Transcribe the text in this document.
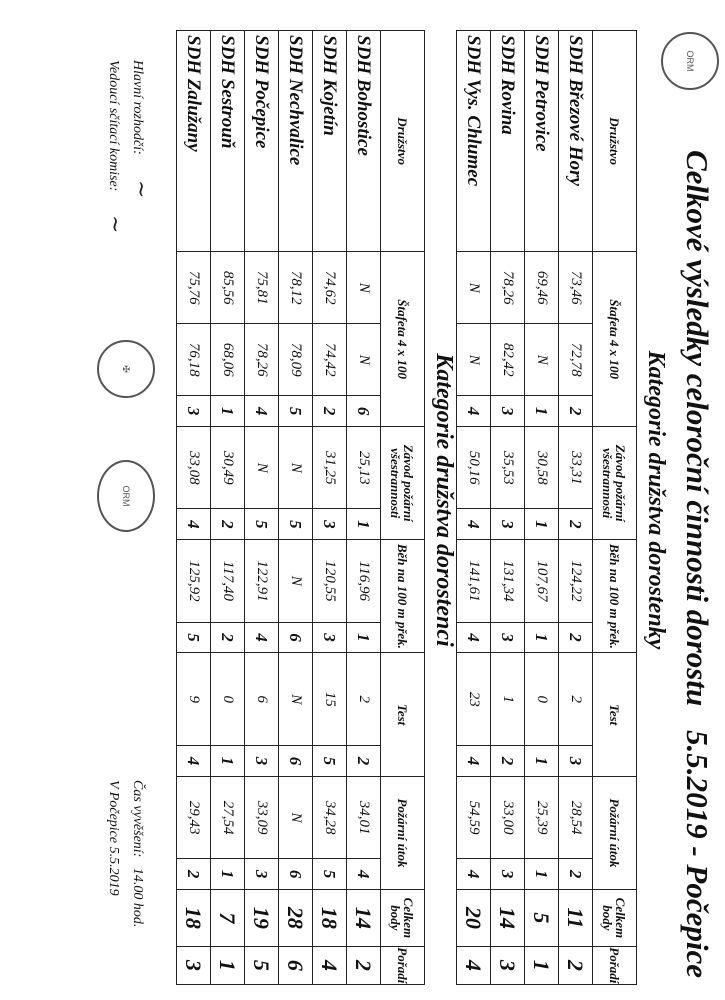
Celkové výsledky celoroční činnosti dorostu
5.5.2019 - Počepice
ORM
Kategorie družstva dorostenky
Družstvo	Štafeta 4 x 100			Závod požární všestrannosti		Běh na 100 m přek.		Test		Požární útok		Celkem body	Pořadí
SDH Březové Hory	73,46	72,78	2	33,31	2	124,22	2	2	3	28,54	2	11	2
SDH Petrovice	69,46	N	1	30,58	1	107,67	1	0	1	25,39	1	5	1
SDH Rovina	78,26	82,42	3	35,53	3	131,34	3	1	2	33,00	3	14	3
SDH Vys. Chlumec	N	N	4	50,16	4	141,61	4	23	4	54,59	4	20	4
Kategorie družstva dorostenci
Družstvo	Štafeta 4 x 100			Závod požární všestrannosti		Běh na 100 m přek.		Test		Požární útok		Celkem body	Pořadí
SDH Bohostice	N	N	6	25,13	1	116,96	1	2	2	34,01	4	14	2
SDH Kojetín	74,62	74,42	2	31,25	3	120,55	3	15	5	34,28	5	18	4
SDH Nechvalice	78,12	78,09	5	N	5	N	6	N	6	N	6	28	6
SDH Počepice	75,81	78,26	4	N	5	122,91	4	6	3	33,09	3	19	5
SDH Sestrouň	85,56	68,06	1	30,49	2	117,40	2	0	1	27,54	1	7	1
SDH Zalužany	75,76	76,18	3	33,08	4	125,92	5	9	4	29,43	2	18	3
Hlavní rozhodčí:
Vedoucí sčítací komise: ~
~
✠
ORM
Čas vyvěšení:   14.00 hod.
V Počepice 5.5.2019
